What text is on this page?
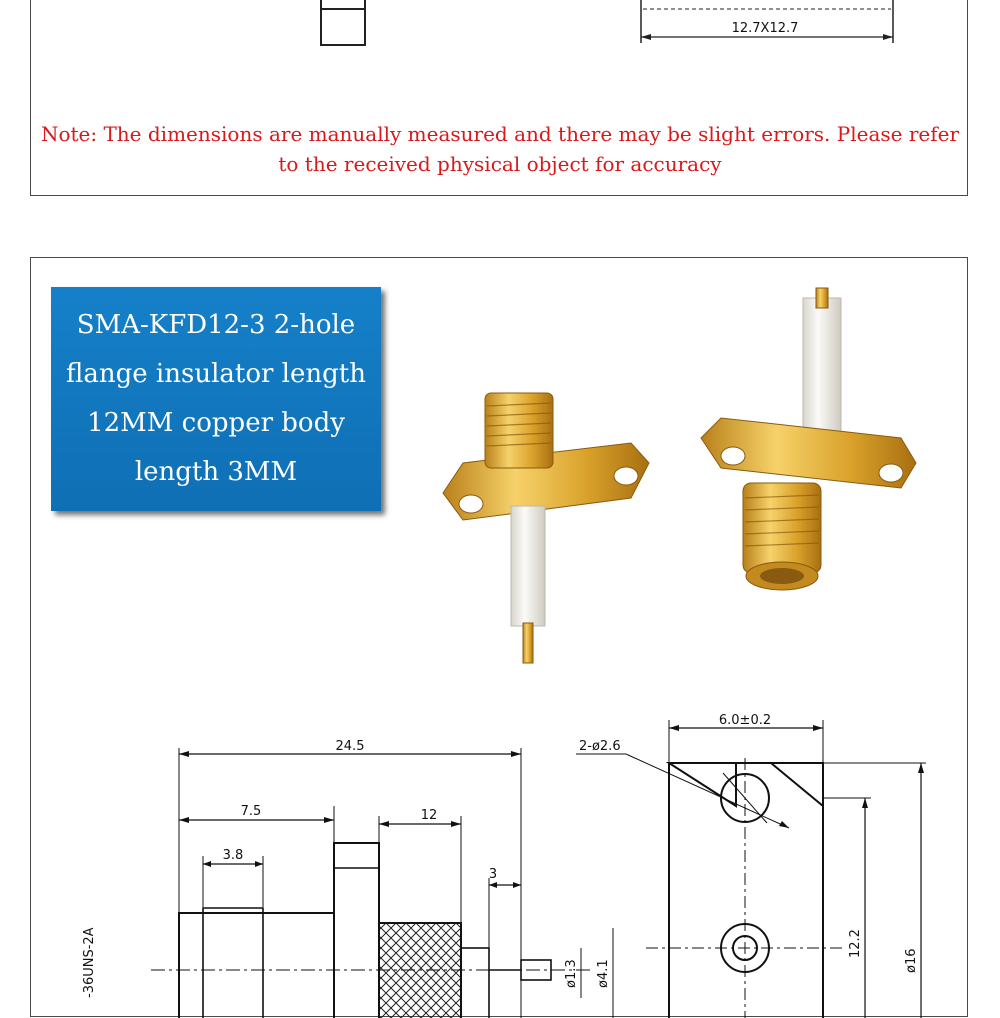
12.7X12.7
Note: The dimensions are manually measured and there may be slight errors. Please refer to the received physical object for accuracy
SMA-KFD12-3 2-hole flange insulator length 12MM copper body length 3MM
24.5
7.5	12
3.8
3
-36UNS-2A	ø1.3 ø4.1
6.0±0.2
2-ø2.6
12.2
ø16
